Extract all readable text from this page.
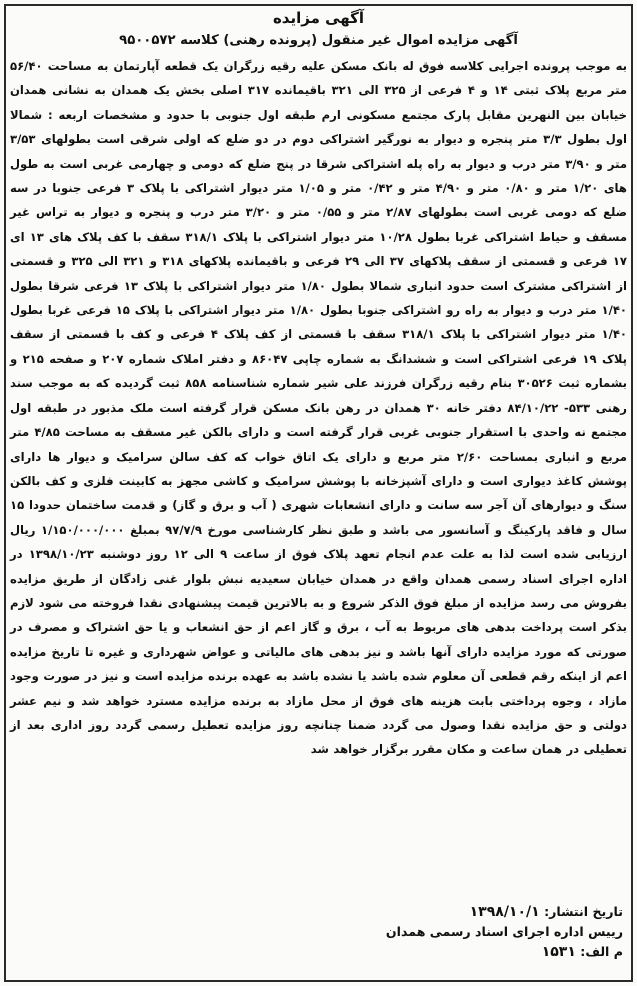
آگهی مزایده
آگهی مزایده اموال غیر منقول (پرونده رهنی) کلاسه ۹۵۰۰۵۷۲

به موجب پرونده اجرایی کلاسه فوق له بانک مسکن علیه رقیه زرگران یک قطعه آپارتمان به مساحت ۵۶/۴۰ متر مربع پلاک ثبتی ۱۴ و ۴ فرعی از ۳۲۵ الی ۳۲۱ باقیمانده ۳۱۷ اصلی بخش یک همدان به نشانی همدان خیابان بین النهرین مقابل پارک مجتمع مسکونی ارم طبقه اول جنوبی با حدود و مشخصات اربعه : شمالا اول بطول ۳/۳ متر پنجره و دیوار به نورگیر اشتراکی دوم در دو ضلع که اولی شرقی است بطولهای ۳/۵۳ متر و ۳/۹۰ متر درب و دیوار به راه پله اشتراکی شرقا در پنج ضلع که دومی و چهارمی غربی است به طول های ۱/۲۰ متر و ۰/۸۰ متر و ۴/۹۰ متر و ۰/۴۲ متر و ۱/۰۵ متر دیوار اشتراکی با پلاک ۳ فرعی جنوبا در سه ضلع که دومی غربی است بطولهای ۲/۸۷ متر و ۰/۵۵ متر و ۳/۲۰ متر درب و پنجره و دیوار به تراس غیر مسقف و حیاط اشتراکی غربا بطول ۱۰/۲۸ متر دیوار اشتراکی با پلاک ۳۱۸/۱ سقف با کف پلاک های ۱۳ ای ۱۷ فرعی و قسمتی از سقف پلاکهای ۳۷ الی ۲۹ فرعی و باقیمانده پلاکهای ۳۱۸ و ۳۲۱ الی ۳۲۵ و قسمتی از اشتراکی مشترک است حدود انباری شمالا بطول ۱/۸۰ متر دیوار اشتراکی با پلاک ۱۳ فرعی شرقا بطول ۱/۴۰ متر درب و دیوار به راه رو اشتراکی جنوبا بطول ۱/۸۰ متر دیوار اشتراکی با پلاک ۱۵ فرعی غربا بطول ۱/۴۰ متر دیوار اشتراکی با پلاک ۳۱۸/۱ سقف با قسمتی از کف پلاک ۴ فرعی و کف با قسمتی از سقف پلاک ۱۹ فرعی اشتراکی است و ششدانگ به شماره چاپی ۸۶۰۴۷ و دفتر املاک شماره ۲۰۷ و صفحه ۲۱۵ و بشماره ثبت ۳۰۵۲۶ بنام رقیه زرگران فرزند علی شیر شماره شناسنامه ۸۵۸ ثبت گردیده که به موجب سند رهنی ۵۳۳- ۸۴/۱۰/۲۲ دفتر خانه ۳۰ همدان در رهن بانک مسکن قرار گرفته است ملک مذبور در طبقه اول مجتمع نه واحدی با استقرار جنوبی غربی قرار گرفته است و دارای بالکن غیر مسقف به مساحت ۴/۸۵ متر مربع و انباری بمساحت ۲/۶۰ متر مربع و دارای یک اتاق خواب که کف سالن سرامیک و دیوار ها دارای پوشش کاغذ دیواری است و دارای آشپزخانه با پوشش سرامیک و کاشی مجهز به کابینت فلزی و کف بالکن سنگ و دیوارهای آن آجر سه سانت و دارای انشعابات شهری ( آب و برق و گاز) و قدمت ساختمان حدودا ۱۵ سال و فاقد پارکینگ و آسانسور می باشد و طبق نظر کارشناسی مورخ ۹۷/۷/۹ بمبلغ ۱/۱۵۰/۰۰۰/۰۰۰ ریال ارزیابی شده است لذا به علت عدم انجام تعهد پلاک فوق از ساعت ۹ الی ۱۲ روز دوشنبه ۱۳۹۸/۱۰/۲۳ در اداره اجرای اسناد رسمی همدان واقع در همدان خیابان سعیدیه نبش بلوار غنی زادگان از طریق مزایده بفروش می رسد مزایده از مبلغ فوق الذکر شروع و به بالاترین قیمت پیشنهادی نقدا فروخته می شود لازم بذکر است پرداخت بدهی های مربوط به آب ، برق و گاز اعم از حق انشعاب و یا حق اشتراک و مصرف در صورتی که مورد مزایده دارای آنها باشد و نیز بدهی های مالیاتی و عواض شهرداری و غیره تا تاریخ مزایده اعم از اینکه رقم قطعی آن معلوم شده باشد یا نشده باشد به عهده برنده مزایده است و نیز در صورت وجود مازاد ، وجوه پرداختی بابت هزینه های فوق از محل مازاد به برنده مزایده مسترد خواهد شد و نیم عشر دولتی و حق مزایده نقدا وصول می گردد ضمنا چنانچه روز مزایده تعطیل رسمی گردد روز اداری بعد از تعطیلی در همان ساعت و مکان مقرر برگزار خواهد شد

تاریخ انتشار: ۱۳۹۸/۱۰/۱
رییس اداره اجرای اسناد رسمی همدان
م الف: ۱۵۳۱
